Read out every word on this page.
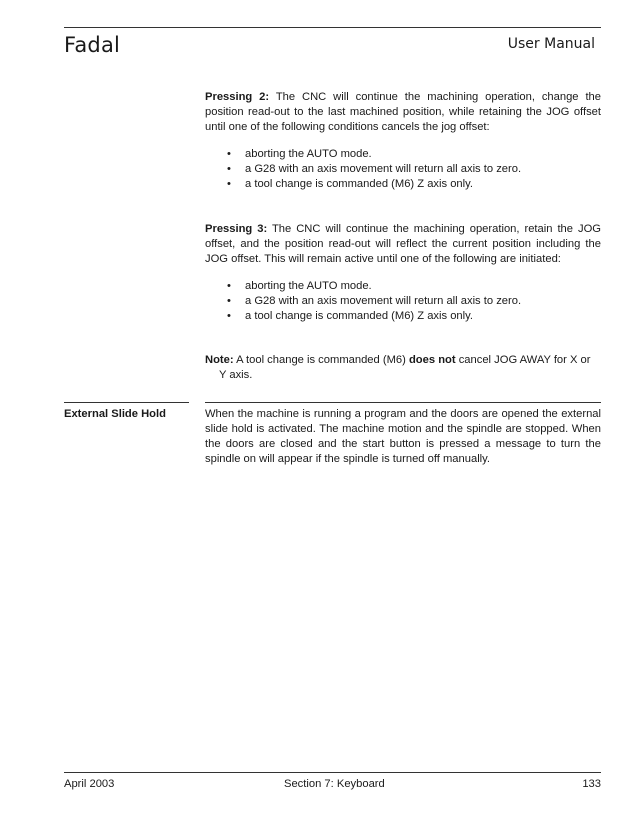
Fadal	User Manual

Pressing 2: The CNC will continue the machining operation, change the position read-out to the last machined position, while retaining the JOG offset until one of the following conditions cancels the jog offset:

• aborting the AUTO mode.
• a G28 with an axis movement will return all axis to zero.
• a tool change is commanded (M6) Z axis only.

Pressing 3: The CNC will continue the machining operation, retain the JOG offset, and the position read-out will reflect the current position including the JOG offset. This will remain active until one of the following are initiated:

• aborting the AUTO mode.
• a G28 with an axis movement will return all axis to zero.
• a tool change is commanded (M6) Z axis only.

Note: A tool change is commanded (M6) does not cancel JOG AWAY for X or
Y axis.

External Slide Hold	When the machine is running a program and the doors are opened the external slide hold is activated. The machine motion and the spindle are stopped. When the doors are closed and the start button is pressed a message to turn the spindle on will appear if the spindle is turned off manually.

April 2003	Section 7: Keyboard	133
